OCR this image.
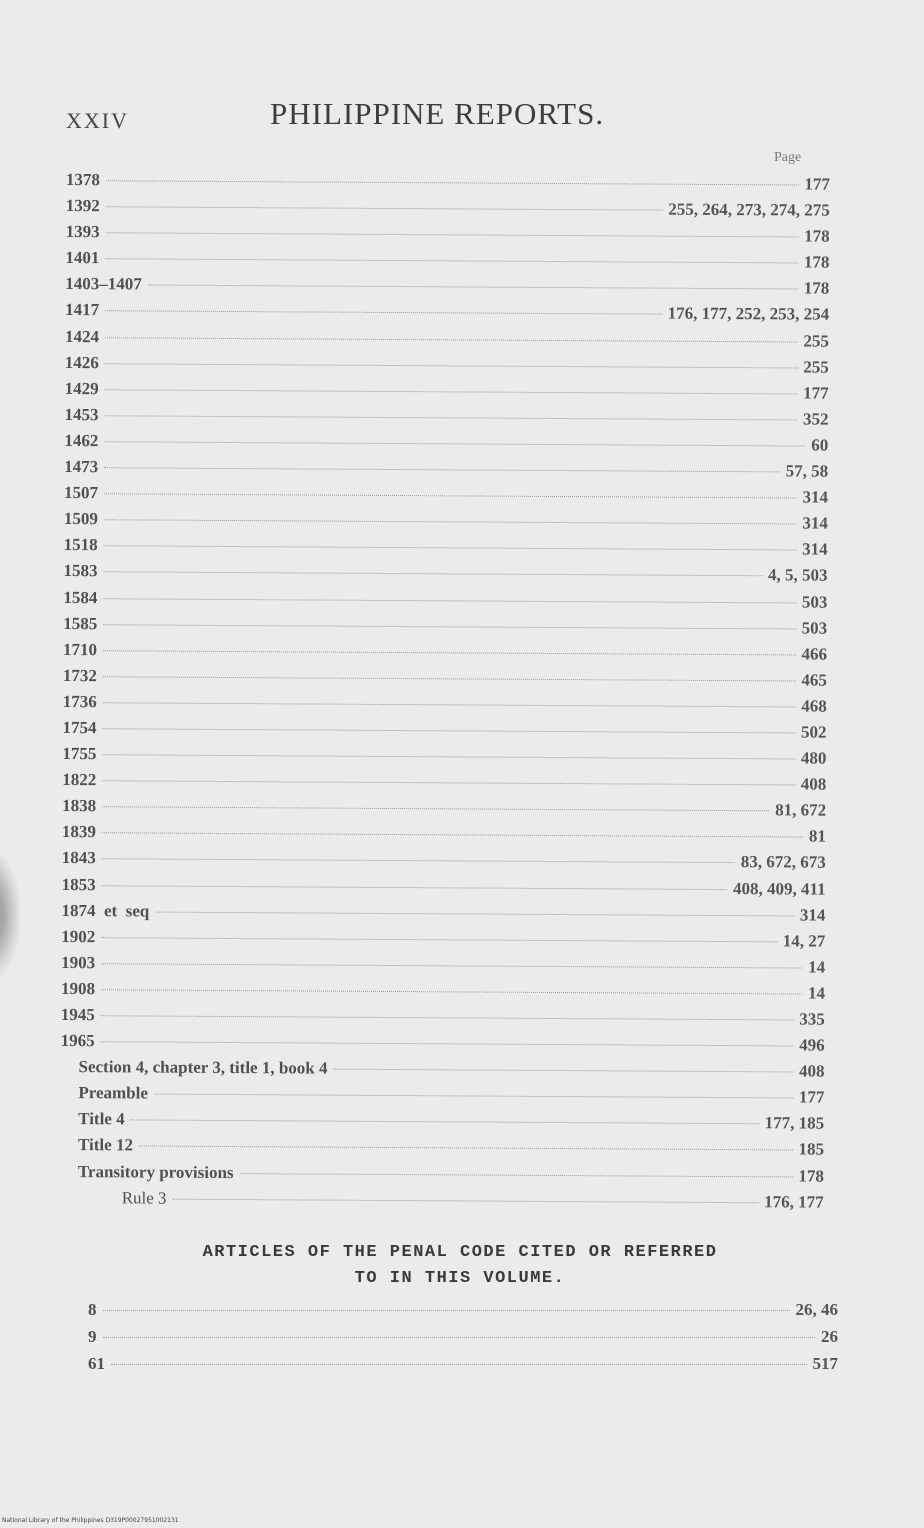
XXIV	PHILIPPINE REPORTS.
Page
1378	177
1392	255, 264, 273, 274, 275
1393	178
1401	178
1403–1407	178
1417	176, 177, 252, 253, 254
1424	255
1426	255
1429	177
1453	352
1462	60
1473	57, 58
1507	314
1509	314
1518	314
1583	4, 5, 503
1584	503
1585	503
1710	466
1732	465
1736	468
1754	502
1755	480
1822	408
1838	81, 672
1839	81
1843	83, 672, 673
1853	408, 409, 411
1874  et  seq	314
1902	14, 27
1903	14
1908	14
1945	335
1965	496
Section 4, chapter 3, title 1, book 4	408
Preamble	177
Title 4	177, 185
Title 12	185
Transitory provisions	178
Rule 3	176, 177
ARTICLES OF THE PENAL CODE CITED OR REFERRED
TO IN THIS VOLUME.
8	26, 46
9	26
61	517
National Library of the Philippines D319P00027951002131
